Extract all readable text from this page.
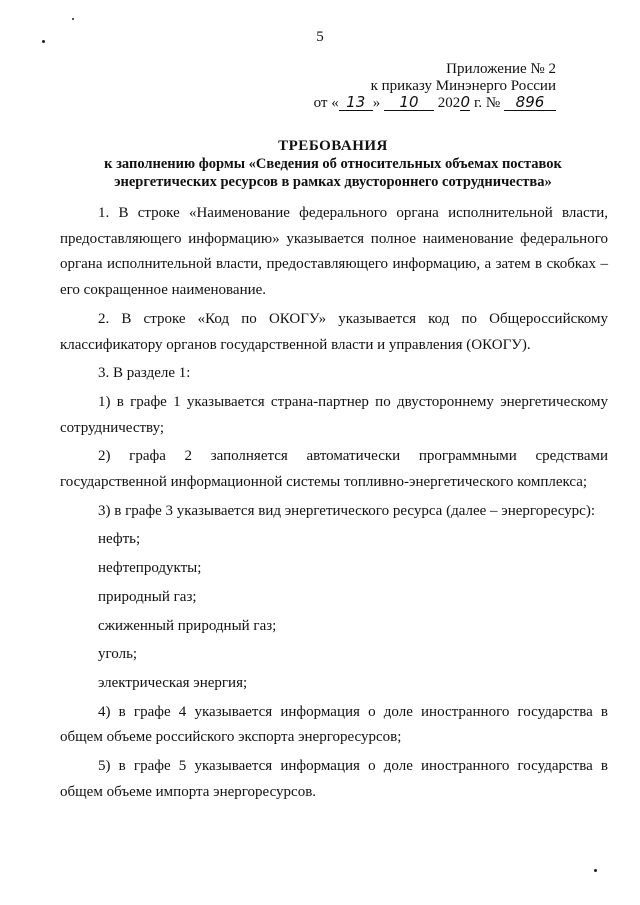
5
Приложение № 2
к приказу Минэнерго России
от « 13 » 10 2020 г. № 896
ТРЕБОВАНИЯ
к заполнению формы «Сведения об относительных объемах поставок
энергетических ресурсов в рамках двустороннего сотрудничества»

1. В строке «Наименование федерального органа исполнительной власти, предоставляющего информацию» указывается полное наименование федерального органа исполнительной власти, предоставляющего информацию, а затем в скобках – его сокращенное наименование.

2. В строке «Код по ОКОГУ» указывается код по Общероссийскому классификатору органов государственной власти и управления (ОКОГУ).

3. В разделе 1:

1) в графе 1 указывается страна-партнер по двустороннему энергетическому сотрудничеству;

2) графа 2 заполняется автоматически программными средствами государственной информационной системы топливно-энергетического комплекса;

3) в графе 3 указывается вид энергетического ресурса (далее – энергоресурс):

нефть;

нефтепродукты;

природный газ;

сжиженный природный газ;

уголь;

электрическая энергия;

4) в графе 4 указывается информация о доле иностранного государства в общем объеме российского экспорта энергоресурсов;

5) в графе 5 указывается информация о доле иностранного государства в общем объеме импорта энергоресурсов.
